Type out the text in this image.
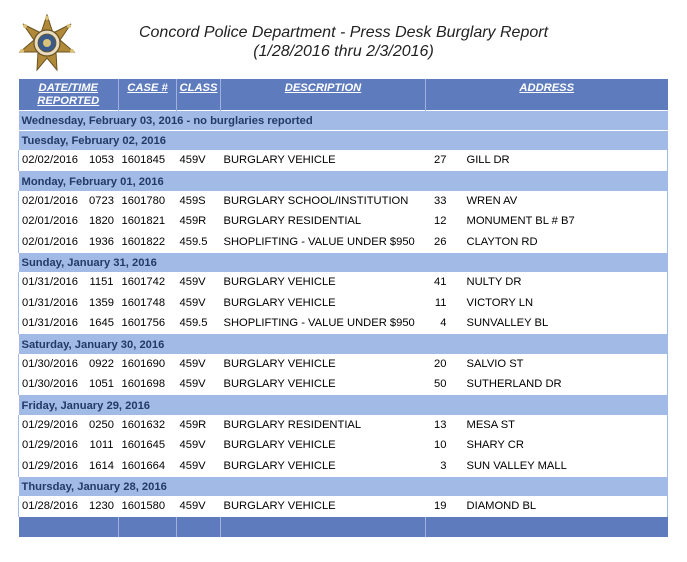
Concord Police Department - Press Desk Burglary Report
(1/28/2016 thru 2/3/2016)
DATE/TIME
REPORTED		CASE #	CLASS	DESCRIPTION	ADDRESS	
Wednesday, February 03, 2016 - no burglaries reported						
Tuesday, February 02, 2016						
02/02/2016	1053	1601845	459V	BURGLARY VEHICLE	27	GILL DR
Monday, February 01, 2016						
02/01/2016	0723	1601780	459S	BURGLARY SCHOOL/INSTITUTION	33	WREN AV
02/01/2016	1820	1601821	459R	BURGLARY RESIDENTIAL	12	MONUMENT BL # B7
02/01/2016	1936	1601822	459.5	SHOPLIFTING - VALUE UNDER $950	26	CLAYTON RD
Sunday, January 31, 2016						
01/31/2016	1151	1601742	459V	BURGLARY VEHICLE	41	NULTY DR
01/31/2016	1359	1601748	459V	BURGLARY VEHICLE	11	VICTORY LN
01/31/2016	1645	1601756	459.5	SHOPLIFTING - VALUE UNDER $950	4	SUNVALLEY BL
Saturday, January 30, 2016						
01/30/2016	0922	1601690	459V	BURGLARY VEHICLE	20	SALVIO ST
01/30/2016	1051	1601698	459V	BURGLARY VEHICLE	50	SUTHERLAND DR
Friday, January 29, 2016						
01/29/2016	0250	1601632	459R	BURGLARY RESIDENTIAL	13	MESA ST
01/29/2016	1011	1601645	459V	BURGLARY VEHICLE	10	SHARY CR
01/29/2016	1614	1601664	459V	BURGLARY VEHICLE	3	SUN VALLEY MALL
Thursday, January 28, 2016						
01/28/2016	1230	1601580	459V	BURGLARY VEHICLE	19	DIAMOND BL
